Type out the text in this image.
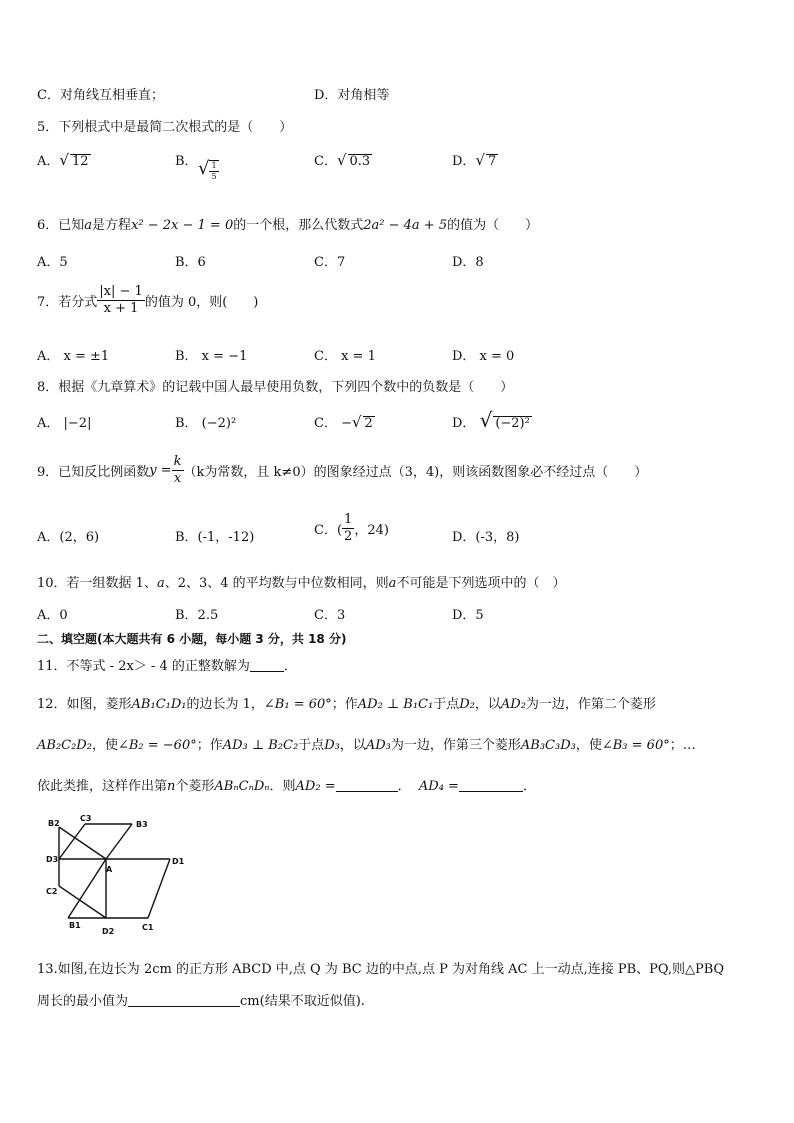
C．对角线互相垂直；	D．对角相等
5．下列根式中是最简二次根式的是（　　）
A．√ 12	B． √ $\frac{1}{5}$	C．√ 0.3	D．√ 7
6．已知a是方程x² − 2x − 1 = 0的一个根，那么代数式2a² − 4a + 5的值为（　　）
A．5	B．6	C．7	D．8
7．若分式 $\frac{|x| - 1}{x + 1}$ 的值为 0，则(　　)
A． x = ±1	B． x = −1	C． x = 1	D． x = 0
8．根据《九章算术》的记载中国人最早使用负数，下列四个数中的负数是（　　）
A． |−2|	B． (−2)²	C． −√ 2	D． √ (−2)²
9．已知反比例函数$y = \frac{k}{x} (k$为常数，且 k≠0）的图象经过点（3，4)，则该函数图象必不经过点（　　）
A．(2，6)	B．(-1，-12)	C．( $\frac{1}{2}$ ，24)	D．(-3，8)
10．若一组数据 1、a、2、3、4 的平均数与中位数相同，则a不可能是下列选项中的（　）
A．0	B．2.5	C．3	D．5
二、填空题(本大题共有 6 小题，每小题 3 分，共 18 分)
11．不等式 - 2x＞ - 4 的正整数解为	．
12．如图，菱形AB₁C₁D₁的边长为 1，∠B₁ = 60°；作AD₂ ⊥ B₁C₁于点D₂，以AD₂为一边，作第二个菱形
AB₂C₂D₂，使∠B₂ = −60°；作AD₃ ⊥ B₂C₂于点D₃，以AD₃为一边，作第三个菱形AB₃C₃D₃，使∠B₃ = 60°；…
依此类推，这样作出第n个菱形ABₙCₙDₙ．则AD₂ =	． AD₄ =	．
B2
C3
B3
D3
A
D1
C2
B1
D2	C1
13.如图,在边长为 2cm 的正方形 ABCD 中,点 Q 为 BC 边的中点,点 P 为对角线 AC 上一动点,连接 PB、PQ,则△PBQ
周长的最小值为	cm(结果不取近似值).
